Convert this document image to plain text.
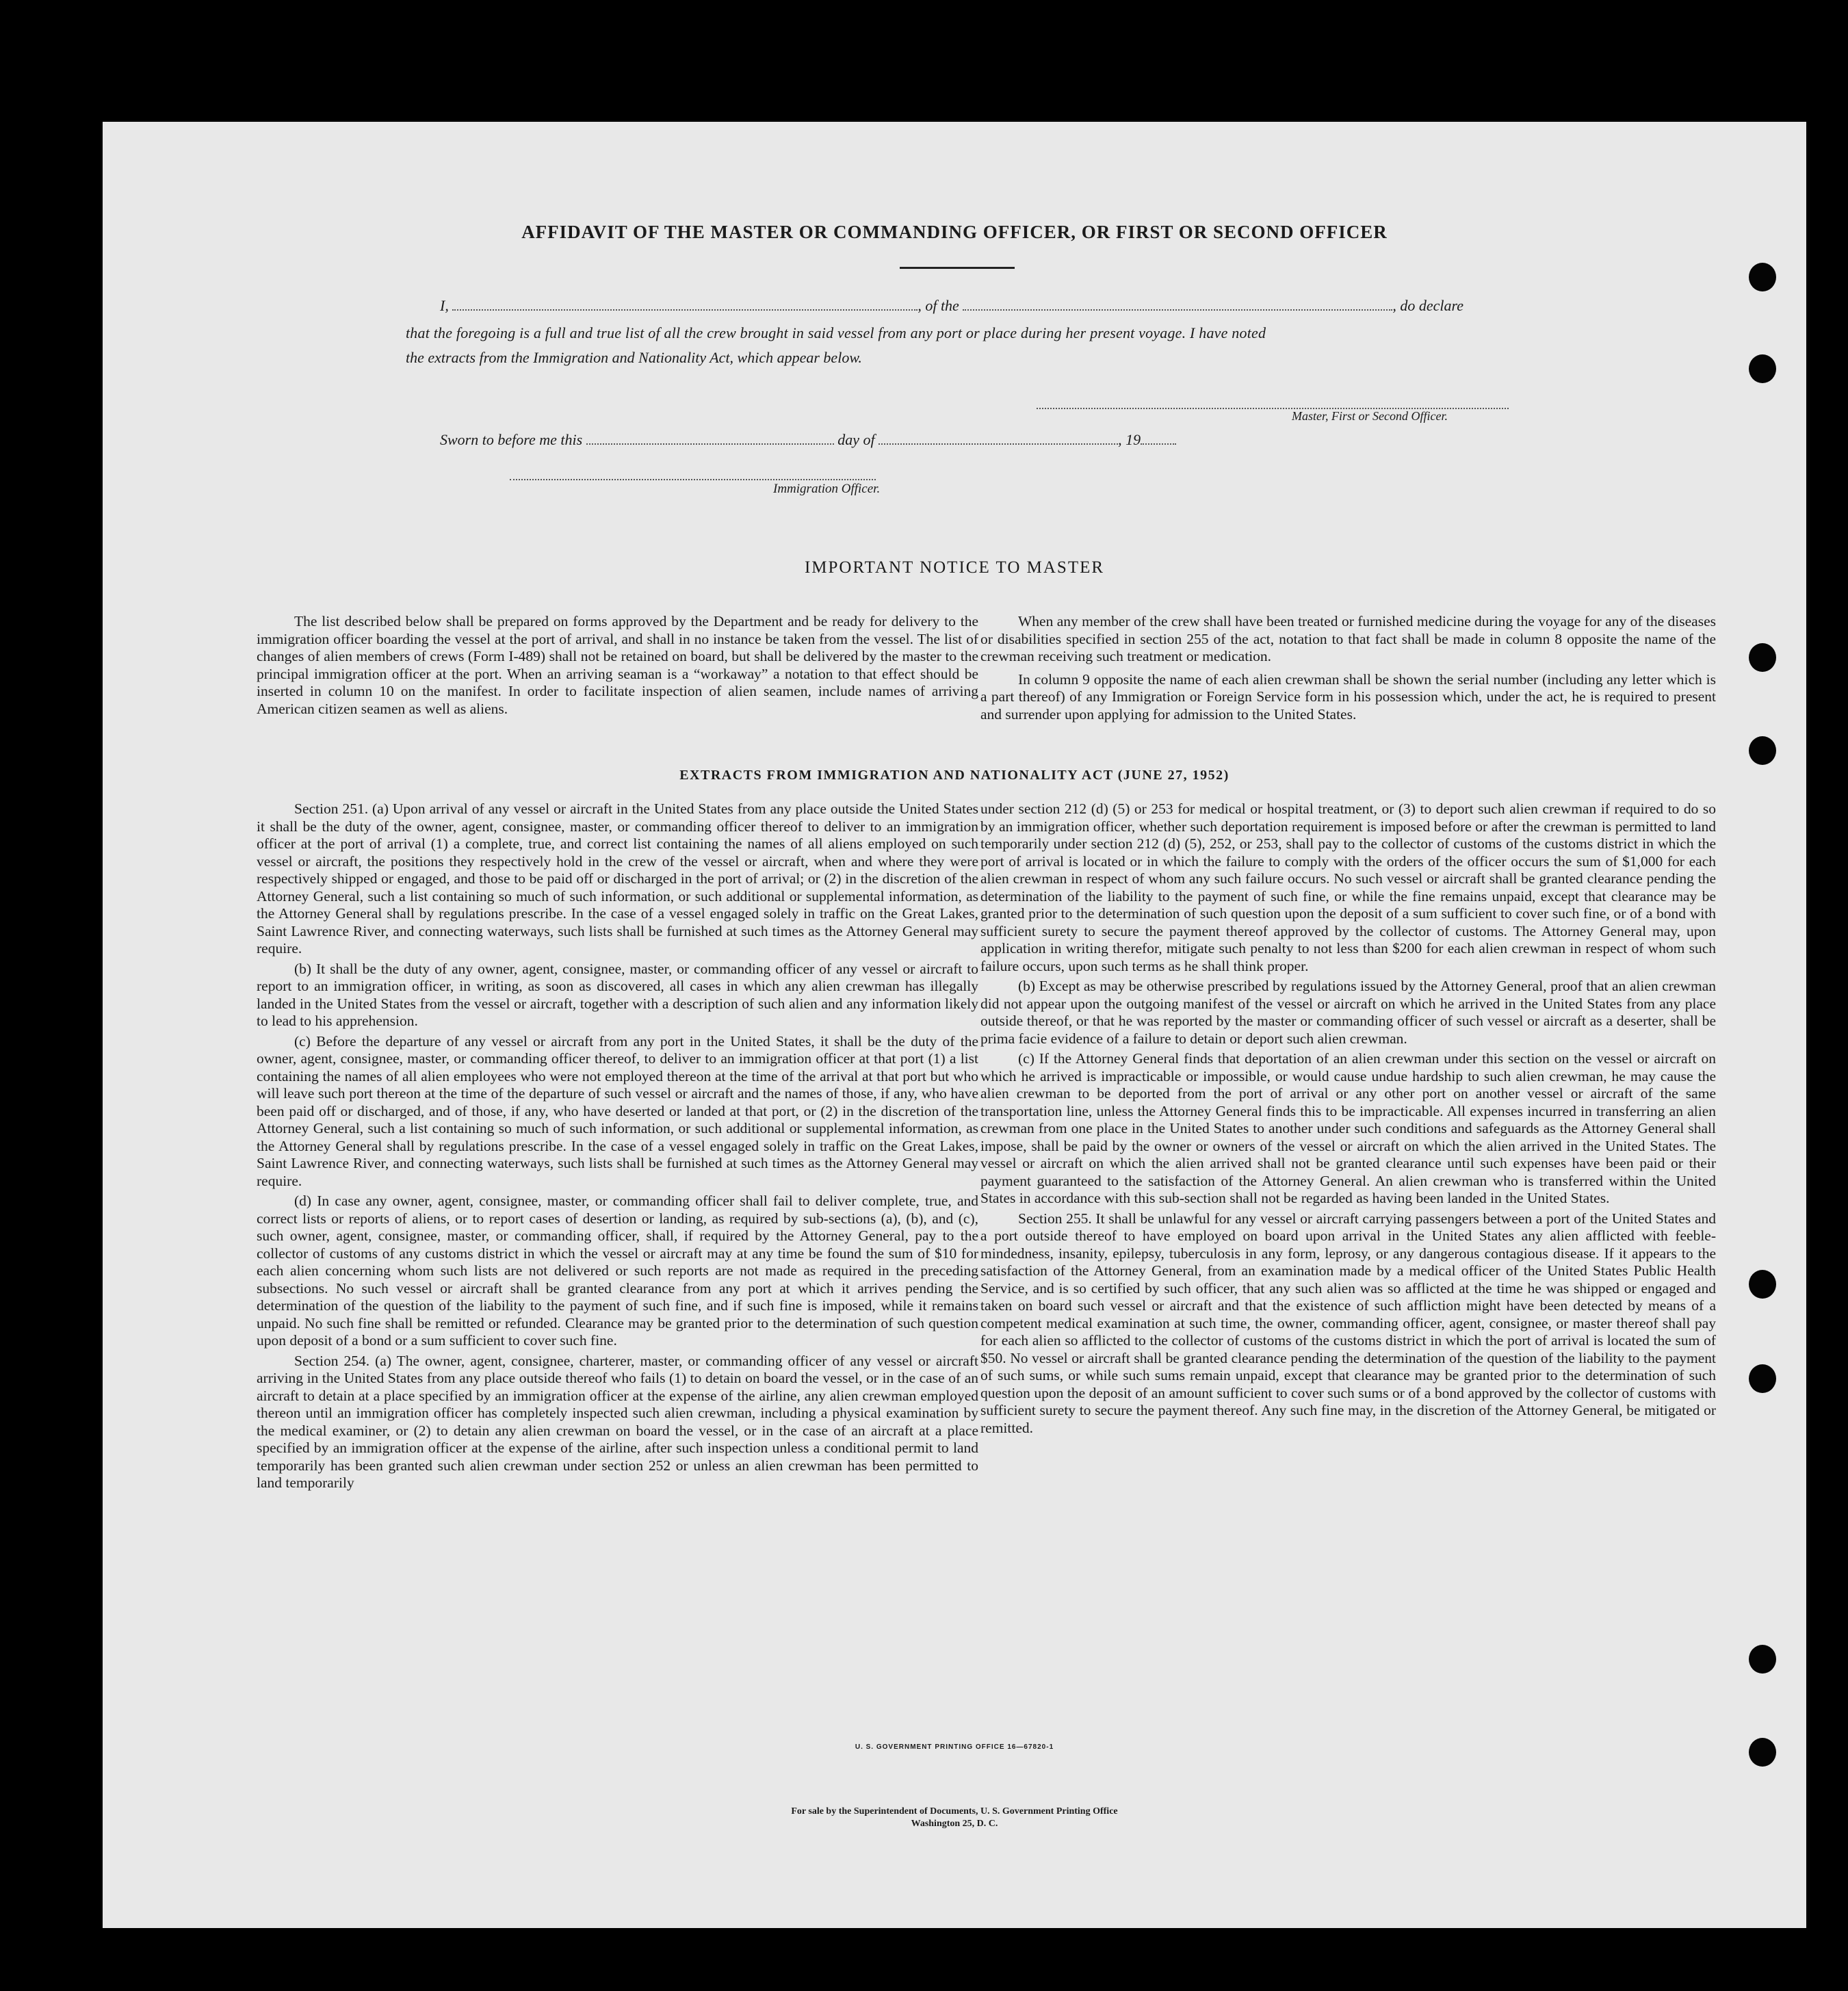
AFFIDAVIT OF THE MASTER OR COMMANDING OFFICER, OR FIRST OR SECOND OFFICER
I,	, of the	, do declare
that the foregoing is a full and true list of all the crew brought in said vessel from any port or place during her present voyage. I have noted
the extracts from the Immigration and Nationality Act, which appear below.
Master, First or Second Officer.
Sworn to before me this	day of	, 19
Immigration Officer.
IMPORTANT NOTICE TO MASTER

The list described below shall be prepared on forms approved by the Department and be ready for delivery to the immigration officer boarding the vessel at the port of arrival, and shall in no instance be taken from the vessel. The list of changes of alien members of crews (Form I-489) shall not be retained on board, but shall be delivered by the master to the principal immigration officer at the port. When an arriving seaman is a “workaway” a notation to that effect should be inserted in column 10 on the manifest. In order to facilitate inspection of alien seamen, include names of arriving American citizen seamen as well as aliens.

When any member of the crew shall have been treated or furnished medicine during the voyage for any of the diseases or disabilities specified in section 255 of the act, notation to that fact shall be made in column 8 opposite the name of the crewman receiving such treatment or medication.

In column 9 opposite the name of each alien crewman shall be shown the serial number (including any letter which is a part thereof) of any Immigration or Foreign Service form in his possession which, under the act, he is required to present and surrender upon applying for admission to the United States.

EXTRACTS FROM IMMIGRATION AND NATIONALITY ACT (JUNE 27, 1952)

Section 251. (a) Upon arrival of any vessel or aircraft in the United States from any place outside the United States it shall be the duty of the owner, agent, consignee, master, or commanding officer thereof to deliver to an immigration officer at the port of arrival (1) a complete, true, and correct list containing the names of all aliens employed on such vessel or aircraft, the positions they respectively hold in the crew of the vessel or aircraft, when and where they were respectively shipped or engaged, and those to be paid off or discharged in the port of arrival; or (2) in the discretion of the Attorney General, such a list containing so much of such information, or such additional or supplemental information, as the Attorney General shall by regulations prescribe. In the case of a vessel engaged solely in traffic on the Great Lakes, Saint Lawrence River, and connecting waterways, such lists shall be furnished at such times as the Attorney General may require.

(b) It shall be the duty of any owner, agent, consignee, master, or commanding officer of any vessel or aircraft to report to an immigration officer, in writing, as soon as discovered, all cases in which any alien crewman has illegally landed in the United States from the vessel or aircraft, together with a description of such alien and any information likely to lead to his apprehension.

(c) Before the departure of any vessel or aircraft from any port in the United States, it shall be the duty of the owner, agent, consignee, master, or commanding officer thereof, to deliver to an immigration officer at that port (1) a list containing the names of all alien employees who were not employed thereon at the time of the arrival at that port but who will leave such port thereon at the time of the departure of such vessel or aircraft and the names of those, if any, who have been paid off or discharged, and of those, if any, who have deserted or landed at that port, or (2) in the discretion of the Attorney General, such a list containing so much of such information, or such additional or supplemental information, as the Attorney General shall by regulations prescribe. In the case of a vessel engaged solely in traffic on the Great Lakes, Saint Lawrence River, and connecting waterways, such lists shall be furnished at such times as the Attorney General may require.

(d) In case any owner, agent, consignee, master, or commanding officer shall fail to deliver complete, true, and correct lists or reports of aliens, or to report cases of desertion or landing, as required by sub-sections (a), (b), and (c), such owner, agent, consignee, master, or commanding officer, shall, if required by the Attorney General, pay to the collector of customs of any customs district in which the vessel or aircraft may at any time be found the sum of $10 for each alien concerning whom such lists are not delivered or such reports are not made as required in the preceding subsections. No such vessel or aircraft shall be granted clearance from any port at which it arrives pending the determination of the question of the liability to the payment of such fine, and if such fine is imposed, while it remains unpaid. No such fine shall be remitted or refunded. Clearance may be granted prior to the determination of such question upon deposit of a bond or a sum sufficient to cover such fine.

Section 254. (a) The owner, agent, consignee, charterer, master, or commanding officer of any vessel or aircraft arriving in the United States from any place outside thereof who fails (1) to detain on board the vessel, or in the case of an aircraft to detain at a place specified by an immigration officer at the expense of the airline, any alien crewman employed thereon until an immigration officer has completely inspected such alien crewman, including a physical examination by the medical examiner, or (2) to detain any alien crewman on board the vessel, or in the case of an aircraft at a place specified by an immigration officer at the expense of the airline, after such inspection unless a conditional permit to land temporarily has been granted such alien crewman under section 252 or unless an alien crewman has been permitted to land temporarily

under section 212 (d) (5) or 253 for medical or hospital treatment, or (3) to deport such alien crewman if required to do so by an immigration officer, whether such deportation requirement is imposed before or after the crewman is permitted to land temporarily under section 212 (d) (5), 252, or 253, shall pay to the collector of customs of the customs district in which the port of arrival is located or in which the failure to comply with the orders of the officer occurs the sum of $1,000 for each alien crewman in respect of whom any such failure occurs. No such vessel or aircraft shall be granted clearance pending the determination of the liability to the payment of such fine, or while the fine remains unpaid, except that clearance may be granted prior to the determination of such question upon the deposit of a sum sufficient to cover such fine, or of a bond with sufficient surety to secure the payment thereof approved by the collector of customs. The Attorney General may, upon application in writing therefor, mitigate such penalty to not less than $200 for each alien crewman in respect of whom such failure occurs, upon such terms as he shall think proper.

(b) Except as may be otherwise prescribed by regulations issued by the Attorney General, proof that an alien crewman did not appear upon the outgoing manifest of the vessel or aircraft on which he arrived in the United States from any place outside thereof, or that he was reported by the master or commanding officer of such vessel or aircraft as a deserter, shall be prima facie evidence of a failure to detain or deport such alien crewman.

(c) If the Attorney General finds that deportation of an alien crewman under this section on the vessel or aircraft on which he arrived is impracticable or impossible, or would cause undue hardship to such alien crewman, he may cause the alien crewman to be deported from the port of arrival or any other port on another vessel or aircraft of the same transportation line, unless the Attorney General finds this to be impracticable. All expenses incurred in transferring an alien crewman from one place in the United States to another under such conditions and safeguards as the Attorney General shall impose, shall be paid by the owner or owners of the vessel or aircraft on which the alien arrived in the United States. The vessel or aircraft on which the alien arrived shall not be granted clearance until such expenses have been paid or their payment guaranteed to the satisfaction of the Attorney General. An alien crewman who is transferred within the United States in accordance with this sub-section shall not be regarded as having been landed in the United States.

Section 255. It shall be unlawful for any vessel or aircraft carrying passengers between a port of the United States and a port outside thereof to have employed on board upon arrival in the United States any alien afflicted with feeble-mindedness, insanity, epilepsy, tuberculosis in any form, leprosy, or any dangerous contagious disease. If it appears to the satisfaction of the Attorney General, from an examination made by a medical officer of the United States Public Health Service, and is so certified by such officer, that any such alien was so afflicted at the time he was shipped or engaged and taken on board such vessel or aircraft and that the existence of such affliction might have been detected by means of a competent medical examination at such time, the owner, commanding officer, agent, consignee, or master thereof shall pay for each alien so afflicted to the collector of customs of the customs district in which the port of arrival is located the sum of $50. No vessel or aircraft shall be granted clearance pending the determination of the question of the liability to the payment of such sums, or while such sums remain unpaid, except that clearance may be granted prior to the determination of such question upon the deposit of an amount sufficient to cover such sums or of a bond approved by the collector of customs with sufficient surety to secure the payment thereof. Any such fine may, in the discretion of the Attorney General, be mitigated or remitted.

U. S. GOVERNMENT PRINTING OFFICE 16—67820-1
For sale by the Superintendent of Documents, U. S. Government Printing Office
Washington 25, D. C.
